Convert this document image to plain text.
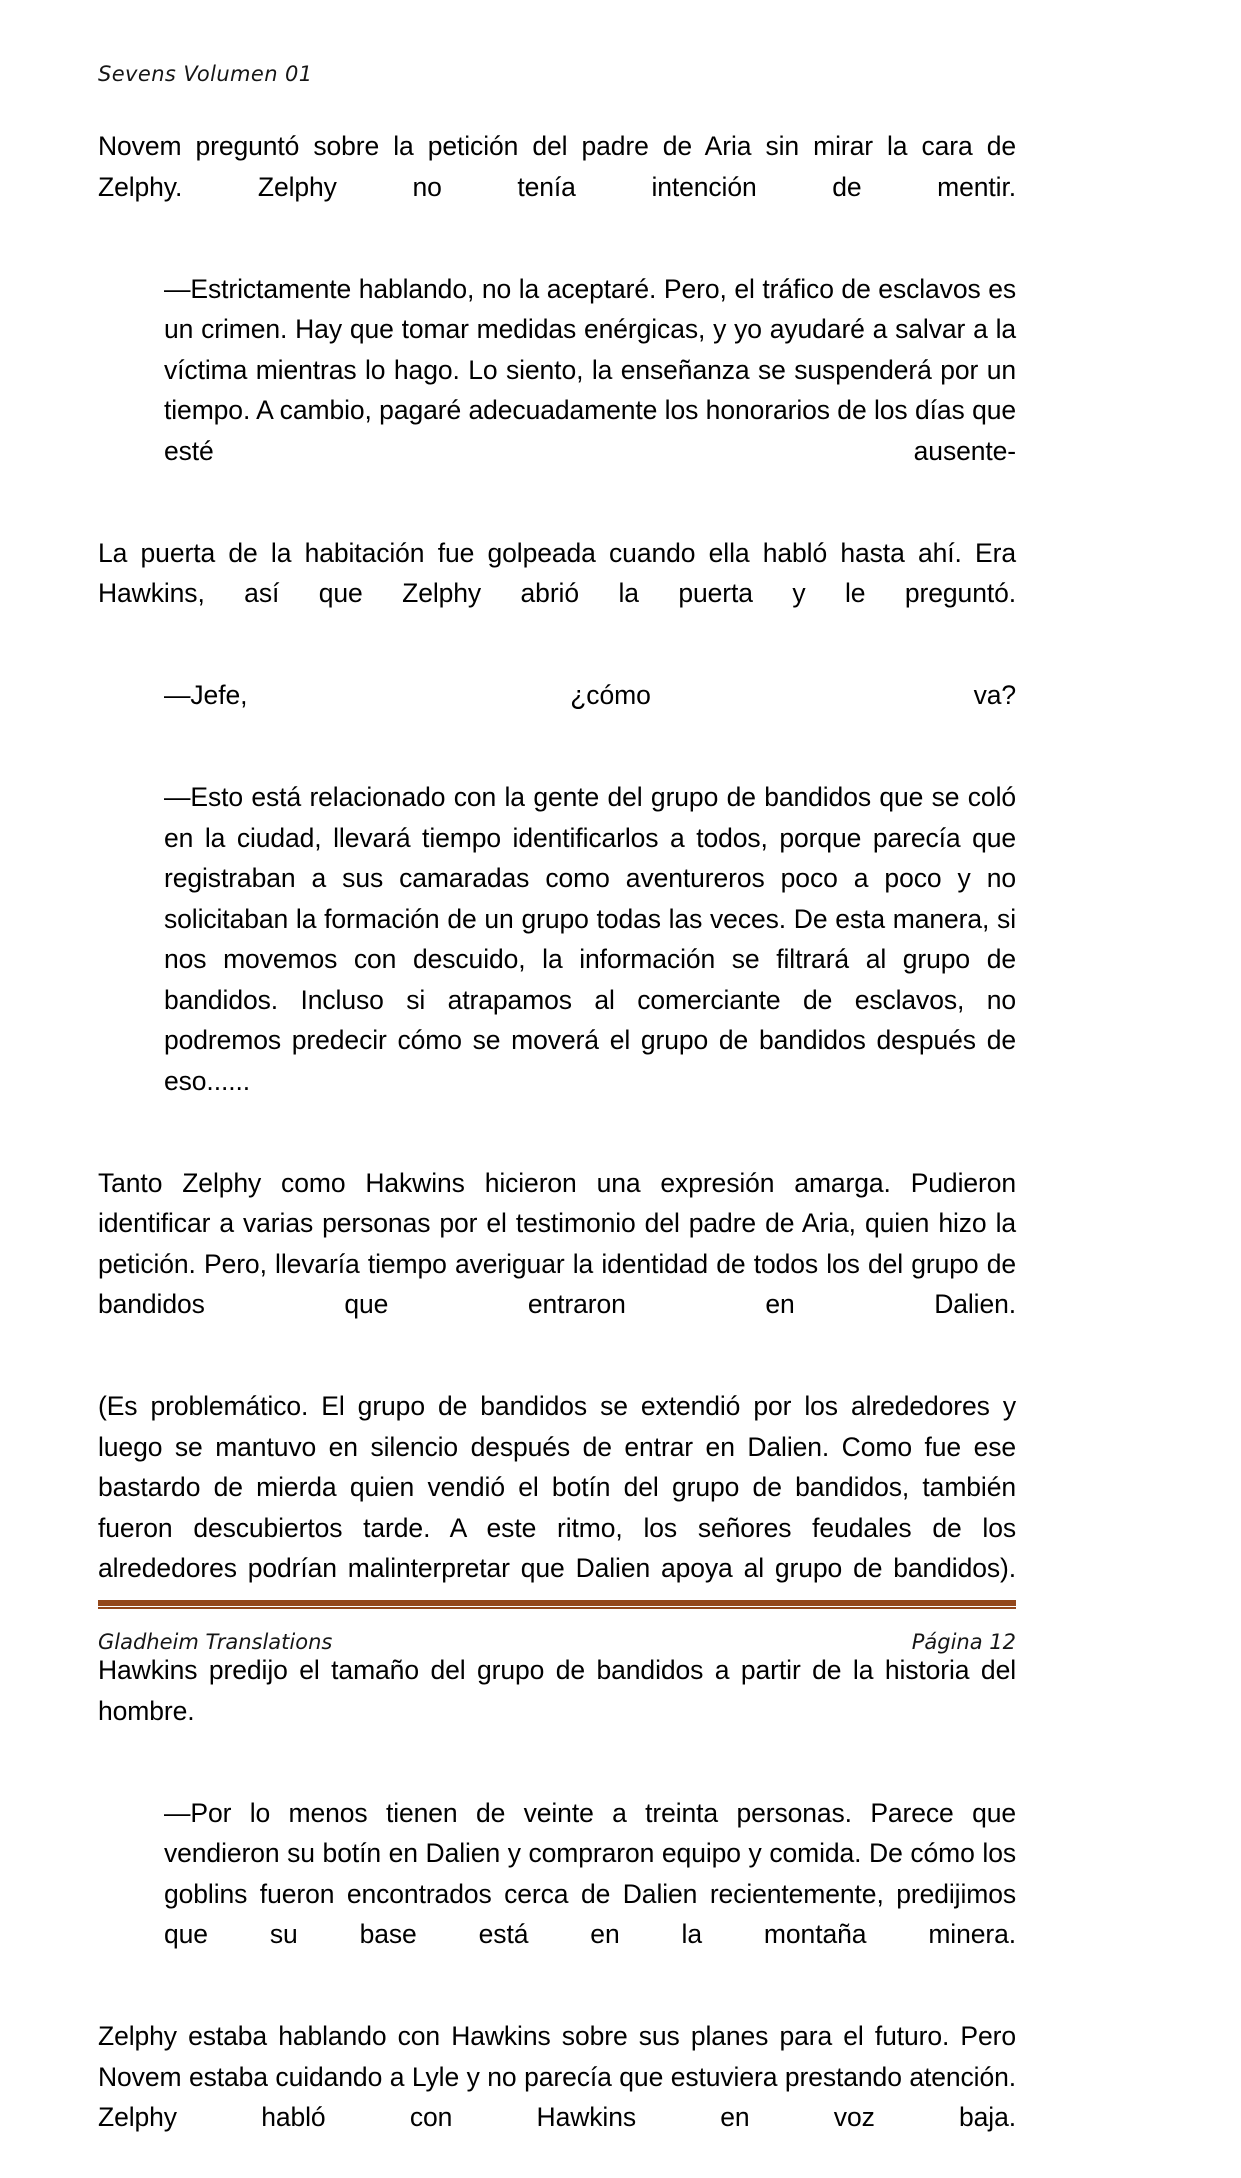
Sevens Volumen 01

Novem preguntó sobre la petición del padre de Aria sin mirar la cara de Zelphy. Zelphy no tenía intención de mentir.

—Estrictamente hablando, no la aceptaré. Pero, el tráfico de esclavos es un crimen. Hay que tomar medidas enérgicas, y yo ayudaré a salvar a la víctima mientras lo hago. Lo siento, la enseñanza se suspenderá por un tiempo. A cambio, pagaré adecuadamente los honorarios de los días que esté ausente-

La puerta de la habitación fue golpeada cuando ella habló hasta ahí. Era Hawkins, así que Zelphy abrió la puerta y le preguntó.

—Jefe, ¿cómo va?

—Esto está relacionado con la gente del grupo de bandidos que se coló en la ciudad, llevará tiempo identificarlos a todos, porque parecía que registraban a sus camaradas como aventureros poco a poco y no solicitaban la formación de un grupo todas las veces. De esta manera, si nos movemos con descuido, la información se filtrará al grupo de bandidos. Incluso si atrapamos al comerciante de esclavos, no podremos predecir cómo se moverá el grupo de bandidos después de eso......

Tanto Zelphy como Hakwins hicieron una expresión amarga. Pudieron identificar a varias personas por el testimonio del padre de Aria, quien hizo la petición. Pero, llevaría tiempo averiguar la identidad de todos los del grupo de bandidos que entraron en Dalien.

(Es problemático. El grupo de bandidos se extendió por los alrededores y luego se mantuvo en silencio después de entrar en Dalien. Como fue ese bastardo de mierda quien vendió el botín del grupo de bandidos, también fueron descubiertos tarde. A este ritmo, los señores feudales de los alrededores podrían malinterpretar que Dalien apoya al grupo de bandidos).

Hawkins predijo el tamaño del grupo de bandidos a partir de la historia del hombre.

—Por lo menos tienen de veinte a treinta personas. Parece que vendieron su botín en Dalien y compraron equipo y comida. De cómo los goblins fueron encontrados cerca de Dalien recientemente, predijimos que su base está en la montaña minera.

Zelphy estaba hablando con Hawkins sobre sus planes para el futuro. Pero Novem estaba cuidando a Lyle y no parecía que estuviera prestando atención. Zelphy habló con Hawkins en voz baja.

Gladheim Translations	Página 12
